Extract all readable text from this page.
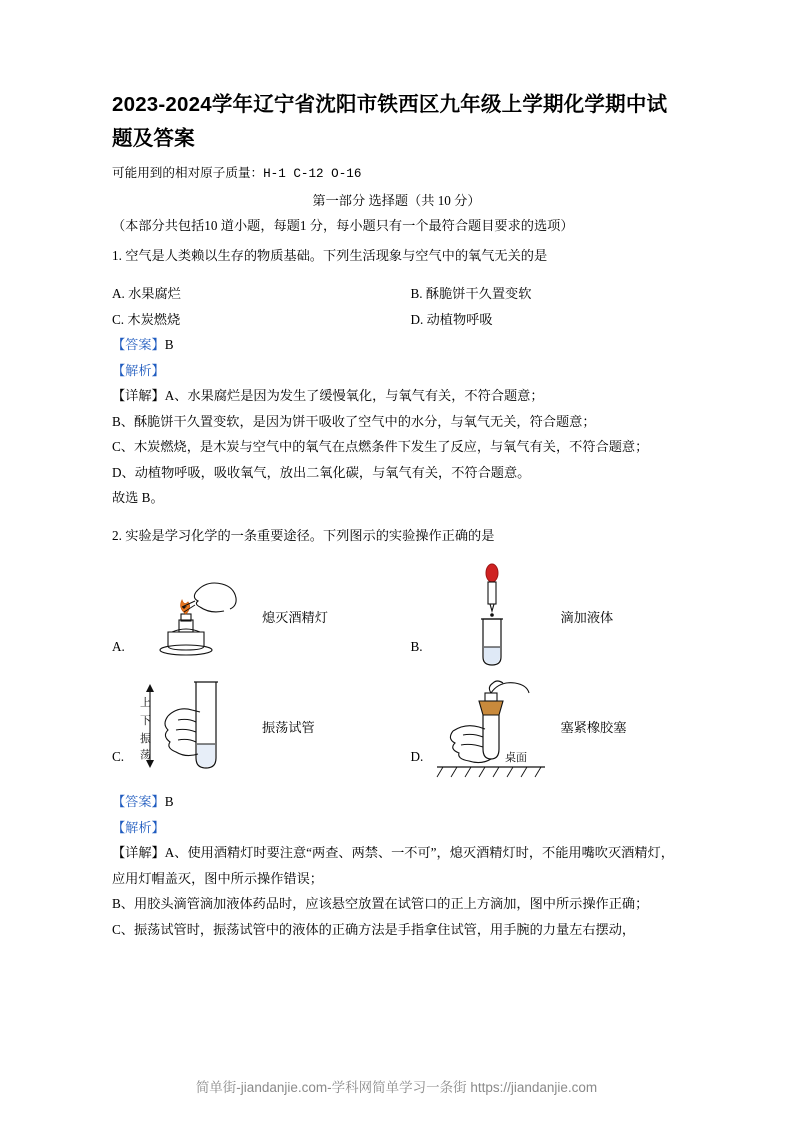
2023-2024学年辽宁省沈阳市铁西区九年级上学期化学期中试题及答案

可能用到的相对原子质量：H-1 C-12 O-16

第一部分 选择题（共 10 分）

（本部分共包括10 道小题，每题1 分，每小题只有一个最符合题目要求的选项）

1. 空气是人类赖以生存的物质基础。下列生活现象与空气中的氧气无关的是

A. 水果腐烂	B. 酥脆饼干久置变软
C. 木炭燃烧	D. 动植物呼吸

【答案】B

【解析】

【详解】A、水果腐烂是因为发生了缓慢氧化，与氧气有关，不符合题意；

B、酥脆饼干久置变软，是因为饼干吸收了空气中的水分，与氧气无关，符合题意；

C、木炭燃烧，是木炭与空气中的氧气在点燃条件下发生了反应，与氧气有关，不符合题意；

D、动植物呼吸，吸收氧气，放出二氧化碳，与氧气有关，不符合题意。

故选 B。

2. 实验是学习化学的一条重要途径。下列图示的实验操作正确的是

A.
熄灭酒精灯
B.
滴加液体
C.
上
下
振
荡
振荡试管
D.	桌面
塞紧橡胶塞

【答案】B

【解析】

【详解】A、使用酒精灯时要注意“两查、两禁、一不可”，熄灭酒精灯时，不能用嘴吹灭酒精灯，应用灯帽盖灭，图中所示操作错误；

B、用胶头滴管滴加液体药品时，应该悬空放置在试管口的正上方滴加，图中所示操作正确；

C、振荡试管时，振荡试管中的液体的正确方法是手指拿住试管，用手腕的力量左右摆动，

简单街-jiandanjie.com-学科网简单学习一条街 https://jiandanjie.com
